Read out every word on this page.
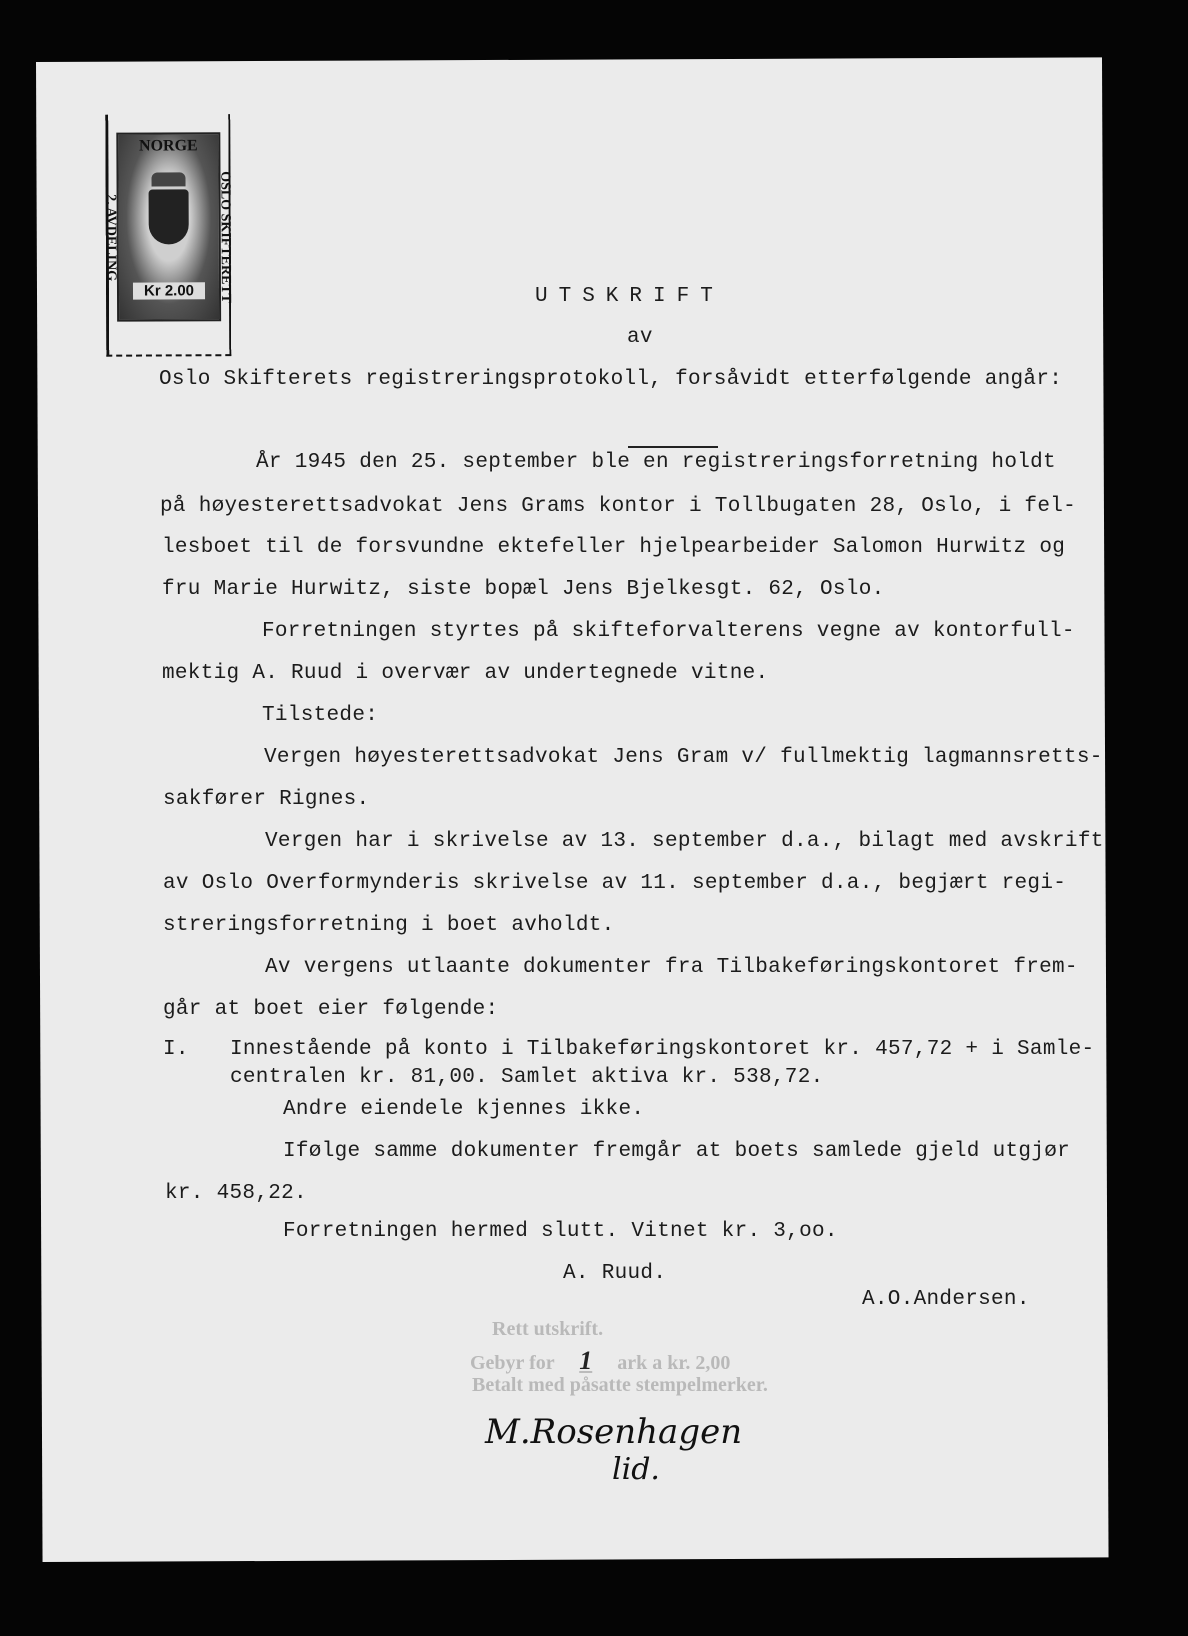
NORGE
2. AVDELING	OSLO SKIFTERETT
Kr 2.00	UTSKRIFT
av
Oslo Skifterets registreringsprotokoll, forsåvidt etterfølgende angår:
År 1945 den 25. september ble en registreringsforretning holdt
på høyesterettsadvokat Jens Grams kontor i Tollbugaten 28, Oslo, i fel-
lesboet til de forsvundne ektefeller hjelpearbeider Salomon Hurwitz og
fru Marie Hurwitz, siste bopæl Jens Bjelkesgt. 62, Oslo.
Forretningen styrtes på skifteforvalterens vegne av kontorfull-
mektig A. Ruud i overvær av undertegnede vitne.
Tilstede:
Vergen høyesterettsadvokat Jens Gram v/ fullmektig lagmannsretts-
sakfører Rignes.
Vergen har i skrivelse av 13. september d.a., bilagt med avskrift
av Oslo Overformynderis skrivelse av 11. september d.a., begjært regi-
streringsforretning i boet avholdt.
Av vergens utlaante dokumenter fra Tilbakeføringskontoret frem-
går at boet eier følgende:
I. Innestående på konto i Tilbakeføringskontoret kr. 457,72 + i Samle-
centralen kr. 81,00. Samlet aktiva kr. 538,72.
Andre eiendele kjennes ikke.
Ifølge samme dokumenter fremgår at boets samlede gjeld utgjør
kr. 458,22.
Forretningen hermed slutt. Vitnet kr. 3,oo.
A. Ruud.
A.O.Andersen.
Rett utskrift.
Gebyr for 1 ark a kr. 2,00
Betalt med påsatte stempelmerker.
M.Rosenhagen
lid.
